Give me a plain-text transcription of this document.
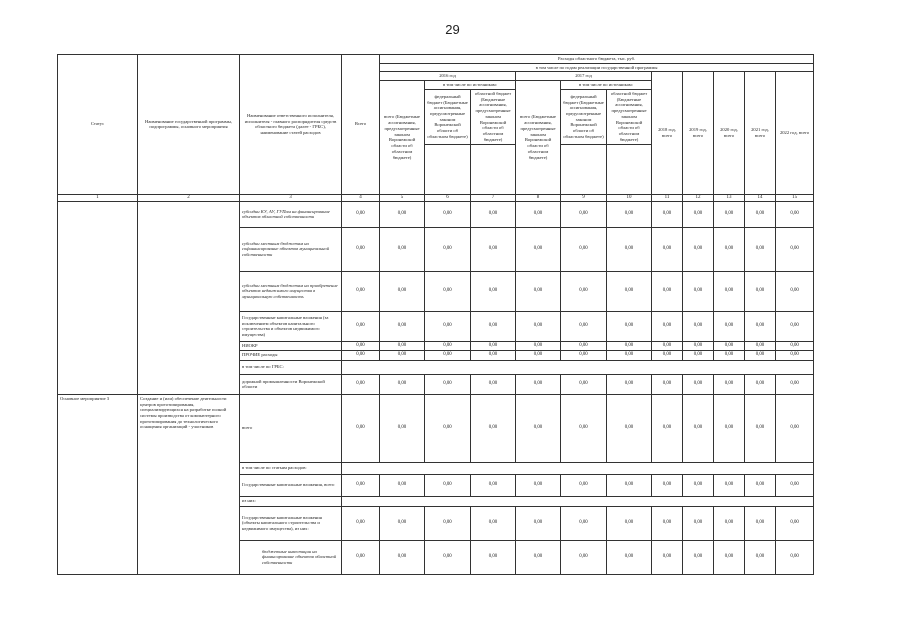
29
Статус	Наименование государственной программы, подпрограммы, основного мероприятия	Наименование ответственного исполнителя, исполнителя - главного распорядителя средств областного бюджета (далее - ГРБС), наименование статей расходов	Всего	Расходы областного бюджета, тыс. руб.										
				в том числе по годам реализации государственной программы										
				2016 год			2017 год			2018 год, всего	2019 год, всего	2020 год, всего	2021 год, всего	2022 год, всего
				всего (Бюджетные ассигнования, предусмотренные законом Воронежской области об областном бюджете)	в том числе по источникам:		всего (Бюджетные ассигнования, предусмотренные законом Воронежской области об областном бюджете)	в том числе по источникам:						
					федеральный бюджет (Бюджетные ассигнования, предусмотренные законом Воронежской области об областном бюджете)	областной бюджет (Бюджетные ассигнования, предусмотренные законом Воронежской области об областном бюджете)		федеральный бюджет (Бюджетные ассигнования, предусмотренные законом Воронежской области об областном бюджете)	областной бюджет (Бюджетные ассигнования, предусмотренные законом Воронежской области об областном бюджете)					

1	2	3	4	5	6	7	8	9	10	11	12	13	14	15
		субсидии КУ, АУ, ГУПам на финансирование объектов областной собственности	0,00	0,00	0,00	0,00	0,00	0,00	0,00	0,00	0,00	0,00	0,00	0,00
		субсидии местным бюджетам на софинансирование объектов муниципальной собственности	0,00	0,00	0,00	0,00	0,00	0,00	0,00	0,00	0,00	0,00	0,00	0,00
		субсидии местным бюджетам на приобретение объектов недвижимого имущества в муниципальную собственность	0,00	0,00	0,00	0,00	0,00	0,00	0,00	0,00	0,00	0,00	0,00	0,00
		Государственные капитальные вложения (за исключением объектов капитального строительства и объектов недвижимого имущества)	0,00	0,00	0,00	0,00	0,00	0,00	0,00	0,00	0,00	0,00	0,00	0,00
		НИОКР	0,00	0,00	0,00	0,00	0,00	0,00	0,00	0,00	0,00	0,00	0,00	0,00
		ПРОЧИЕ расходы	0,00	0,00	0,00	0,00	0,00	0,00	0,00	0,00	0,00	0,00	0,00	0,00
		в том числе по ГРБС:												
		дорожной промышленности Воронежской области	0,00	0,00	0,00	0,00	0,00	0,00	0,00	0,00	0,00	0,00	0,00	0,00
Основное мероприятие 3	Создание и (или) обеспечение деятельности центров прототипирования, специализирующихся на разработке полной системы производства от компьютерного прототипирования до технологического оснащения организаций - участников	всего	0,00	0,00	0,00	0,00	0,00	0,00	0,00	0,00	0,00	0,00	0,00	0,00
		в том числе по статьям расходов:												
		Государственные капитальные вложения, всего	0,00	0,00	0,00	0,00	0,00	0,00	0,00	0,00	0,00	0,00	0,00	0,00
		из них:												
		Государственные капитальные вложения (объекты капитального строительства и недвижимого имущества), из них:	0,00	0,00	0,00	0,00	0,00	0,00	0,00	0,00	0,00	0,00	0,00	0,00
		бюджетные инвестиции на финансирование объектов областной собственности	0,00	0,00	0,00	0,00	0,00	0,00	0,00	0,00	0,00	0,00	0,00	0,00
